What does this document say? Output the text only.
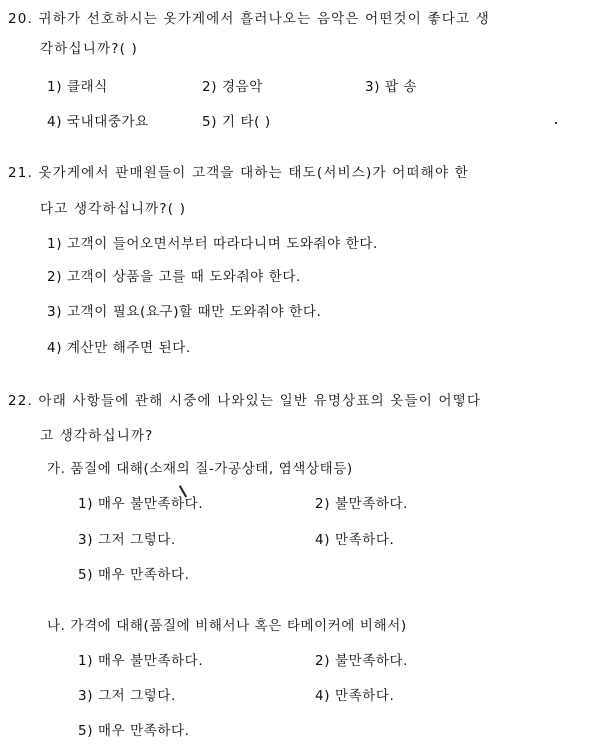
20. 귀하가 선호하시는 옷가게에서 흘러나오는 음악은 어떤것이 좋다고 생
각하십니까?( )
1) 클래식	2) 경음악	3) 팝 송
4) 국내대중가요	5) 기 타( )
21. 옷가게에서 판매원들이 고객을 대하는 태도(서비스)가 어떠해야 한
다고 생각하십니까?( )
1) 고객이 들어오면서부터 따라다니며 도와줘야 한다.
2) 고객이 상품을 고를 때 도와줘야 한다.
3) 고객이 필요(요구)할 때만 도와줘야 한다.
4) 계산만 해주면 된다.
22. 아래 사항들에 관해 시중에 나와있는 일반 유명상표의 옷들이 어떻다
고 생각하십니까?
가. 품질에 대해(소재의 질-가공상태, 염색상태등)
1) 매우 불만족하다.	2) 불만족하다.
3) 그저 그렇다.	4) 만족하다.
5) 매우 만족하다.
나. 가격에 대해(품질에 비해서나 혹은 타메이커에 비해서)
1) 매우 불만족하다.	2) 불만족하다.
3) 그저 그렇다.	4) 만족하다.
5) 매우 만족하다.
